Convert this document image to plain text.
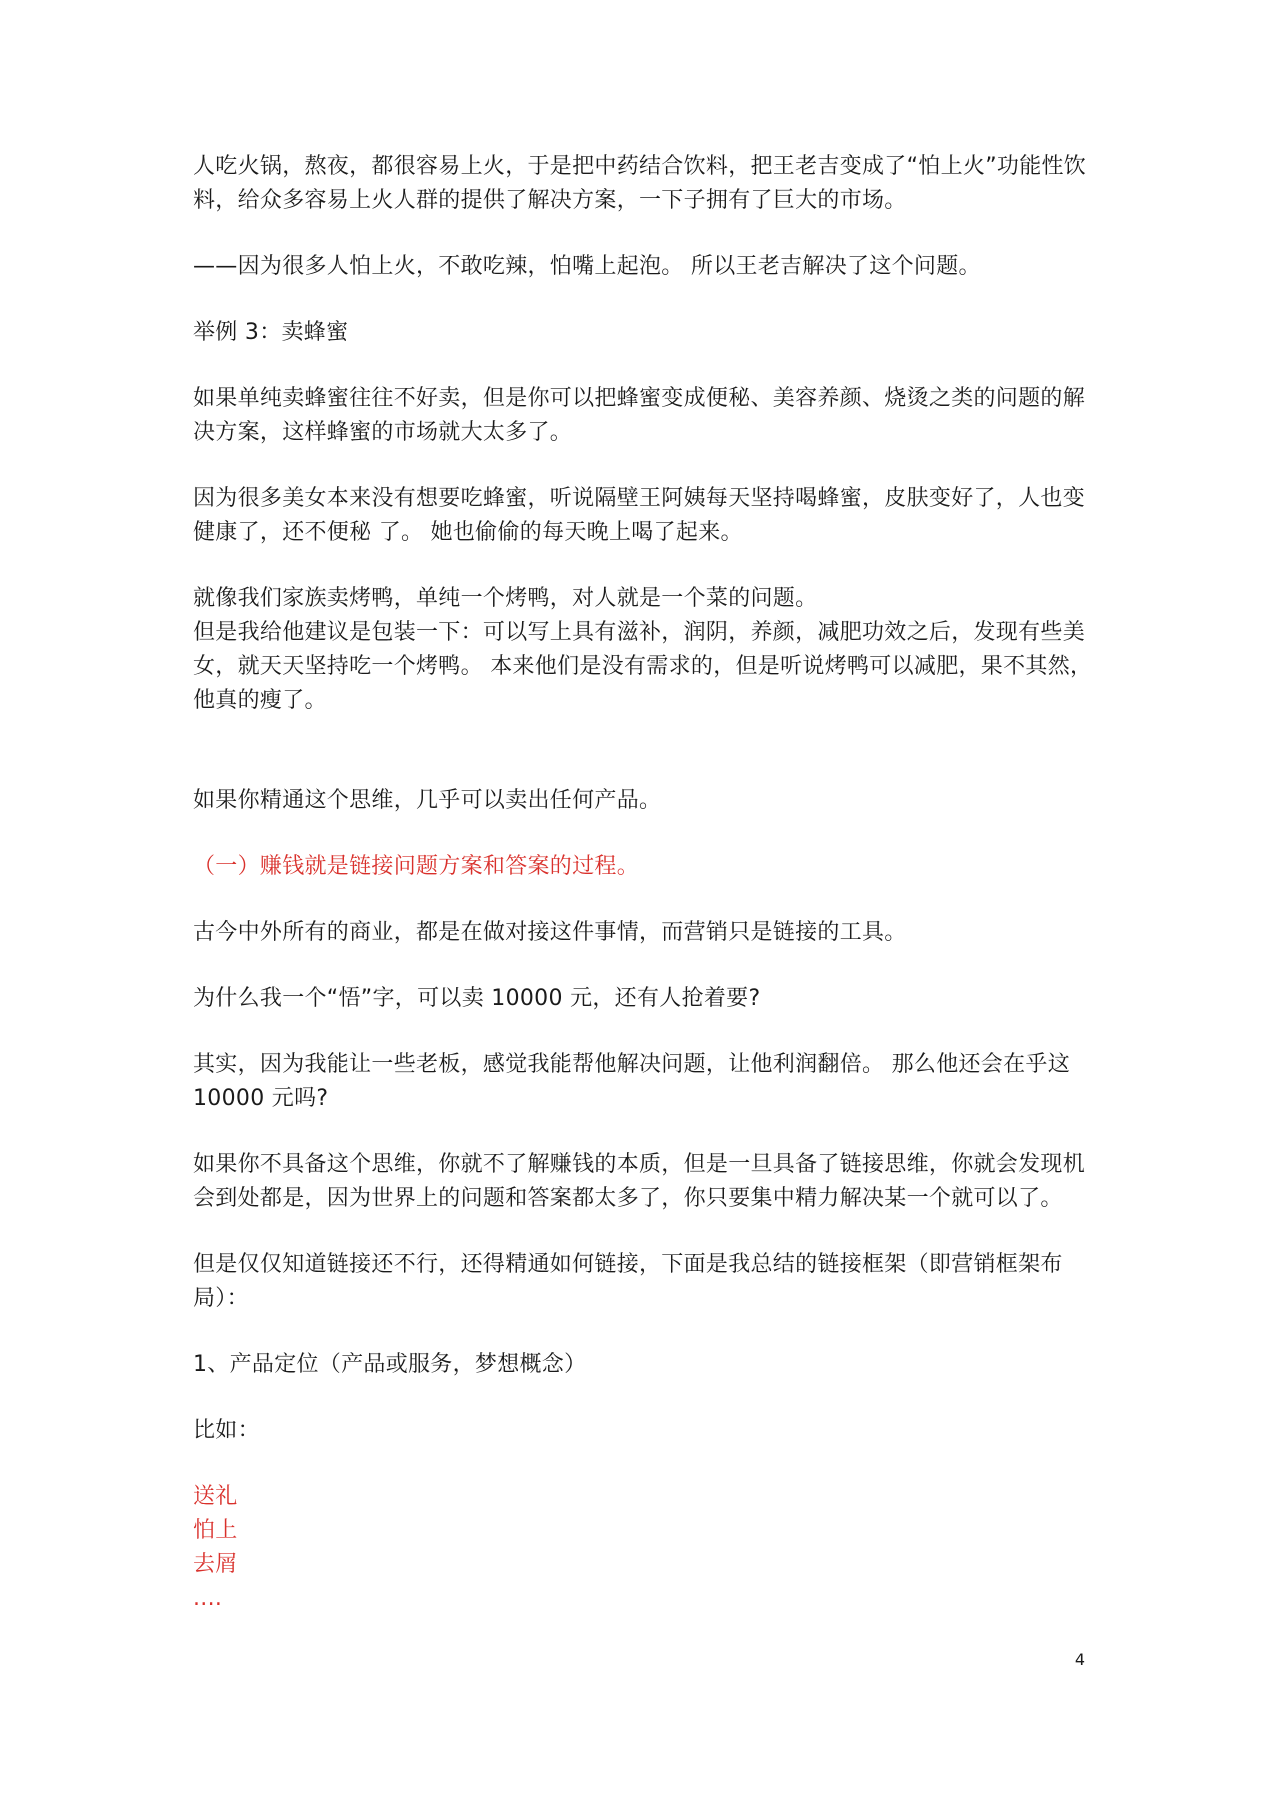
人吃火锅，熬夜，都很容易上火，于是把中药结合饮料，把王老吉变成了“怕上火”功能性饮料，给众多容易上火人群的提供了解决方案，一下子拥有了巨大的市场。

——因为很多人怕上火，不敢吃辣，怕嘴上起泡。 所以王老吉解决了这个问题。

举例 3：卖蜂蜜

如果单纯卖蜂蜜往往不好卖，但是你可以把蜂蜜变成便秘、美容养颜、烧烫之类的问题的解决方案，这样蜂蜜的市场就大太多了。

因为很多美女本来没有想要吃蜂蜜，听说隔壁王阿姨每天坚持喝蜂蜜，皮肤变好了，人也变健康了，还不便秘 了。 她也偷偷的每天晚上喝了起来。

就像我们家族卖烤鸭，单纯一个烤鸭，对人就是一个菜的问题。

但是我给他建议是包装一下：可以写上具有滋补，润阴，养颜，减肥功效之后，发现有些美女，就天天坚持吃一个烤鸭。 本来他们是没有需求的，但是听说烤鸭可以减肥，果不其然，他真的瘦了。

如果你精通这个思维，几乎可以卖出任何产品。

（一）赚钱就是链接问题方案和答案的过程。

古今中外所有的商业，都是在做对接这件事情，而营销只是链接的工具。

为什么我一个“悟”字，可以卖 10000 元，还有人抢着要?

其实，因为我能让一些老板，感觉我能帮他解决问题，让他利润翻倍。 那么他还会在乎这 10000 元吗?

如果你不具备这个思维，你就不了解赚钱的本质，但是一旦具备了链接思维，你就会发现机会到处都是，因为世界上的问题和答案都太多了，你只要集中精力解决某一个就可以了。

但是仅仅知道链接还不行，还得精通如何链接，下面是我总结的链接框架（即营销框架布局）：

1、产品定位（产品或服务，梦想概念）

比如：

送礼
怕上
去屑
....
4
